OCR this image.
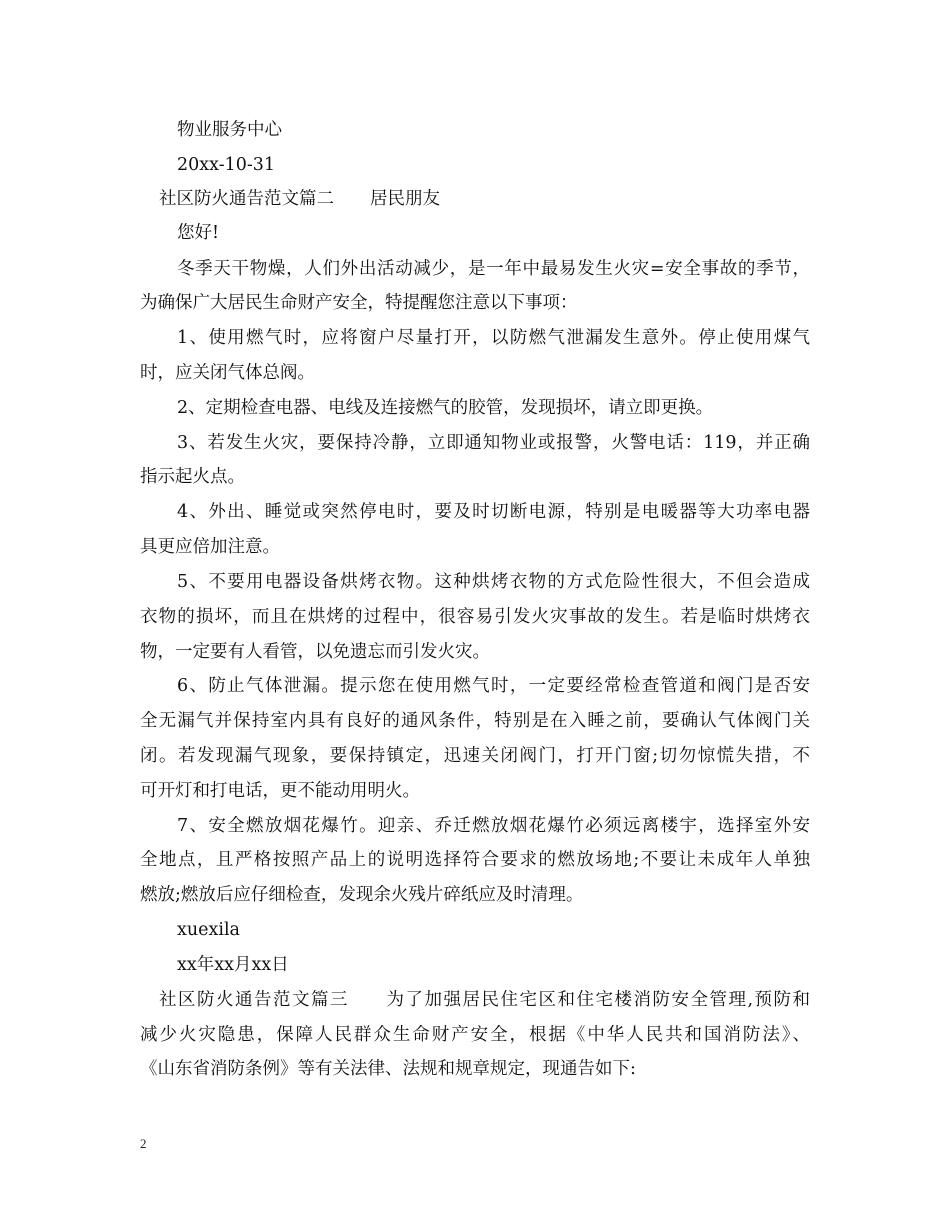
物业服务中心
20xx-10-31
社区防火通告范文篇二 居民朋友
您好!
冬季天干物燥，人们外出活动减少，是一年中最易发生火灾=安全事故的季节，
为确保广大居民生命财产安全，特提醒您注意以下事项：
1、使用燃气时，应将窗户尽量打开，以防燃气泄漏发生意外。停止使用煤气
时，应关闭气体总阀。
2、定期检查电器、电线及连接燃气的胶管，发现损坏，请立即更换。
3、若发生火灾，要保持冷静，立即通知物业或报警，火警电话：119，并正确
指示起火点。
4、外出、睡觉或突然停电时，要及时切断电源，特别是电暖器等大功率电器
具更应倍加注意。
5、不要用电器设备烘烤衣物。这种烘烤衣物的方式危险性很大，不但会造成
衣物的损坏，而且在烘烤的过程中，很容易引发火灾事故的发生。若是临时烘烤衣
物，一定要有人看管，以免遗忘而引发火灾。
6、防止气体泄漏。提示您在使用燃气时，一定要经常检查管道和阀门是否安
全无漏气并保持室内具有良好的通风条件，特别是在入睡之前，要确认气体阀门关
闭。若发现漏气现象，要保持镇定，迅速关闭阀门，打开门窗;切勿惊慌失措，不
可开灯和打电话，更不能动用明火。
7、安全燃放烟花爆竹。迎亲、乔迁燃放烟花爆竹必须远离楼宇，选择室外安
全地点，且严格按照产品上的说明选择符合要求的燃放场地;不要让未成年人单独
燃放;燃放后应仔细检查，发现余火残片碎纸应及时清理。
xuexila
xx年xx月xx日
社区防火通告范文篇三 为了加强居民住宅区和住宅楼消防安全管理,预防和
减少火灾隐患，保障人民群众生命财产安全，根据《中华人民共和国消防法》、
《山东省消防条例》等有关法律、法规和规章规定，现通告如下:
2
